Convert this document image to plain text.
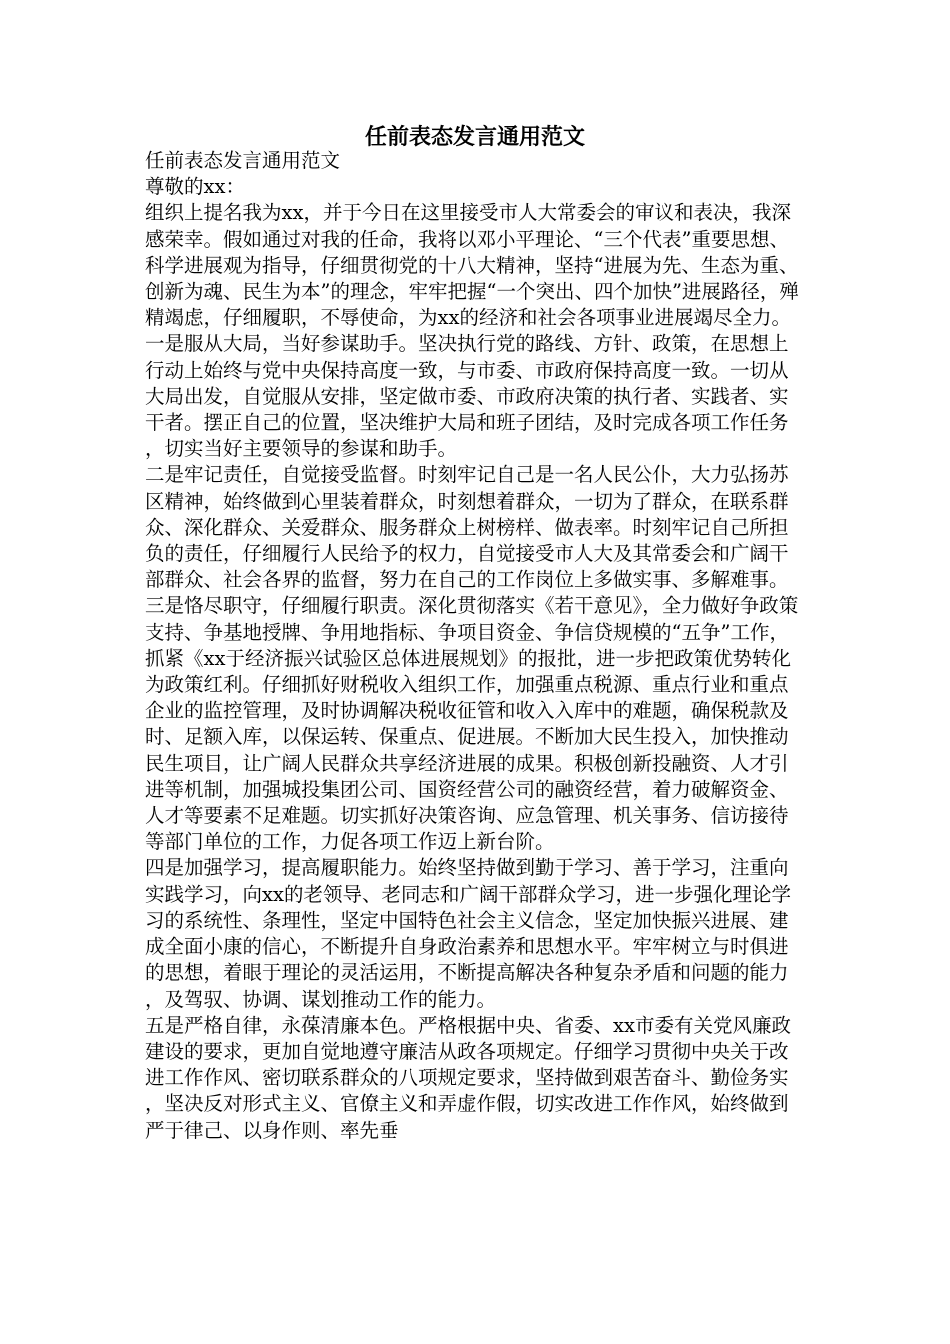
任前表态发言通用范文

任前表态发言通用范文

尊敬的xx：

组织上提名我为xx，并于今日在这里接受市人大常委会的审议和表决，我深感荣幸。假如通过对我的任命，我将以邓小平理论、“三个代表”重要思想、科学进展观为指导，仔细贯彻党的十八大精神，坚持“进展为先、生态为重、创新为魂、民生为本”的理念，牢牢把握“一个突出、四个加快”进展路径，殚精竭虑，仔细履职，不辱使命，为xx的经济和社会各项事业进展竭尽全力。

一是服从大局，当好参谋助手。坚决执行党的路线、方针、政策，在思想上行动上始终与党中央保持高度一致，与市委、市政府保持高度一致。一切从大局出发，自觉服从安排，坚定做市委、市政府决策的执行者、实践者、实干者。摆正自己的位置，坚决维护大局和班子团结，及时完成各项工作任务，切实当好主要领导的参谋和助手。

二是牢记责任，自觉接受监督。时刻牢记自己是一名人民公仆，大力弘扬苏区精神，始终做到心里装着群众，时刻想着群众，一切为了群众，在联系群众、深化群众、关爱群众、服务群众上树榜样、做表率。时刻牢记自己所担负的责任，仔细履行人民给予的权力，自觉接受市人大及其常委会和广阔干部群众、社会各界的监督，努力在自己的工作岗位上多做实事、多解难事。

三是恪尽职守，仔细履行职责。深化贯彻落实《若干意见》，全力做好争政策支持、争基地授牌、争用地指标、争项目资金、争信贷规模的“五争”工作，抓紧《xx于经济振兴试验区总体进展规划》的报批，进一步把政策优势转化为政策红利。仔细抓好财税收入组织工作，加强重点税源、重点行业和重点企业的监控管理，及时协调解决税收征管和收入入库中的难题，确保税款及时、足额入库，以保运转、保重点、促进展。不断加大民生投入，加快推动民生项目，让广阔人民群众共享经济进展的成果。积极创新投融资、人才引进等机制，加强城投集团公司、国资经营公司的融资经营，着力破解资金、人才等要素不足难题。切实抓好决策咨询、应急管理、机关事务、信访接待等部门单位的工作，力促各项工作迈上新台阶。

四是加强学习，提高履职能力。始终坚持做到勤于学习、善于学习，注重向实践学习，向xx的老领导、老同志和广阔干部群众学习，进一步强化理论学习的系统性、条理性，坚定中国特色社会主义信念，坚定加快振兴进展、建成全面小康的信心，不断提升自身政治素养和思想水平。牢牢树立与时俱进的思想，着眼于理论的灵活运用，不断提高解决各种复杂矛盾和问题的能力，及驾驭、协调、谋划推动工作的能力。

五是严格自律，永葆清廉本色。严格根据中央、省委、xx市委有关党风廉政建设的要求，更加自觉地遵守廉洁从政各项规定。仔细学习贯彻中央关于改进工作作风、密切联系群众的八项规定要求，坚持做到艰苦奋斗、勤俭务实，坚决反对形式主义、官僚主义和弄虚作假，切实改进工作作风，始终做到严于律己、以身作则、率先垂
